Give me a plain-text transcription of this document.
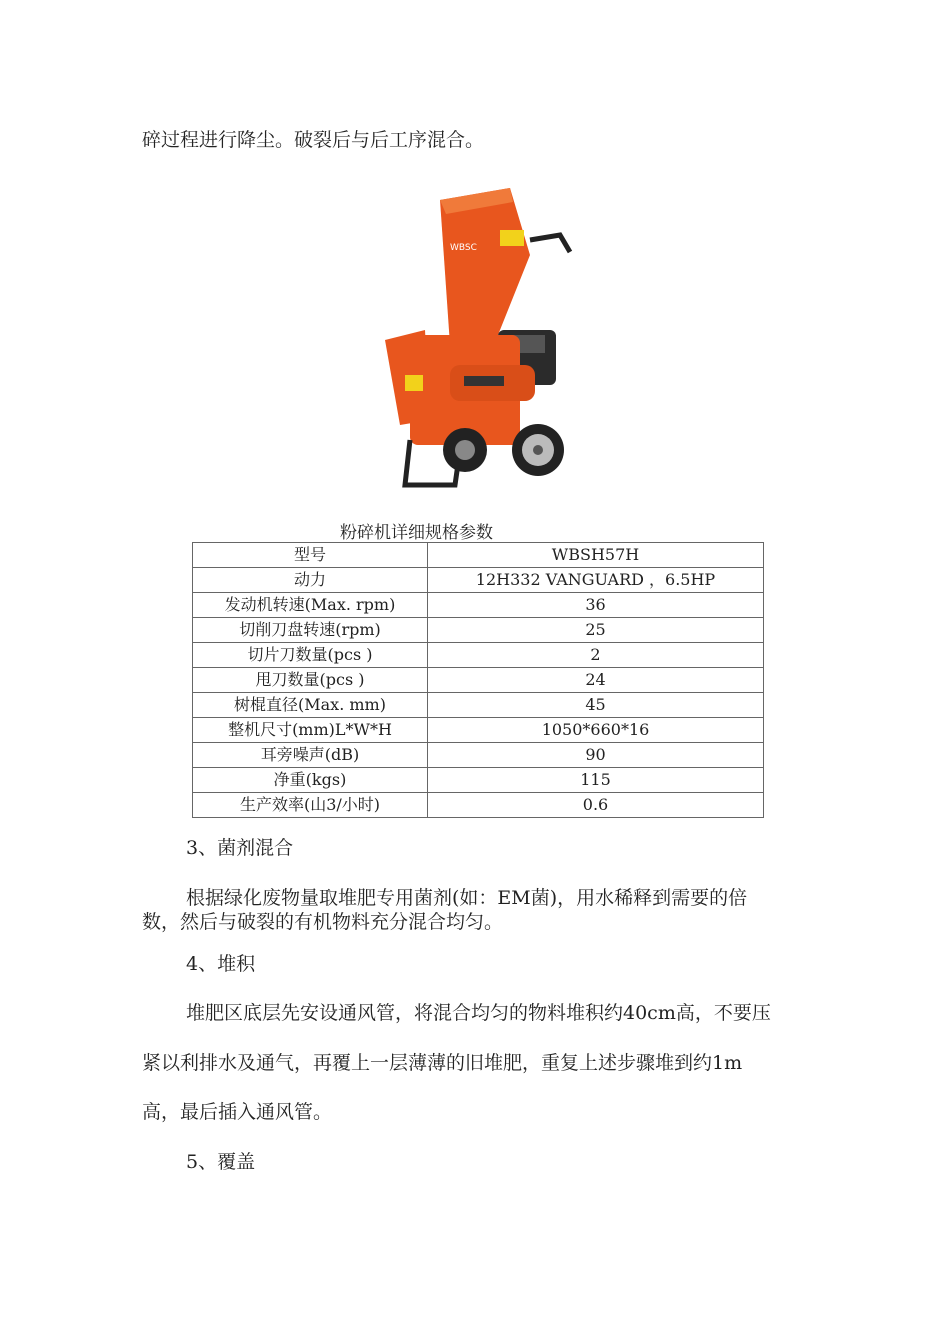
碎过程进行降尘。破裂后与后工序混合。
WBSC
粉碎机详细规格参数
型号	WBSH57H
动力	12H332 VANGUARD ，6.5HP
发动机转速(Max. rpm)	36
切削刀盘转速(rpm)	25
切片刀数量(pcs )	2
甩刀数量(pcs )	24
树棍直径(Max. mm)	45
整机尺寸(mm)L*W*H	1050*660*16
耳旁噪声(dB)	90
净重(kgs)	115
生产效率(山3/小时)	0.6
3、菌剂混合
根据绿化废物量取堆肥专用菌剂(如：EM菌)，用水稀释到需要的倍
数，然后与破裂的有机物料充分混合均匀。
4、堆积
堆肥区底层先安设通风管，将混合均匀的物料堆积约40cm高，不要压
紧以利排水及通气，再覆上一层薄薄的旧堆肥，重复上述步骤堆到约1m
高，最后插入通风管。
5、覆盖
